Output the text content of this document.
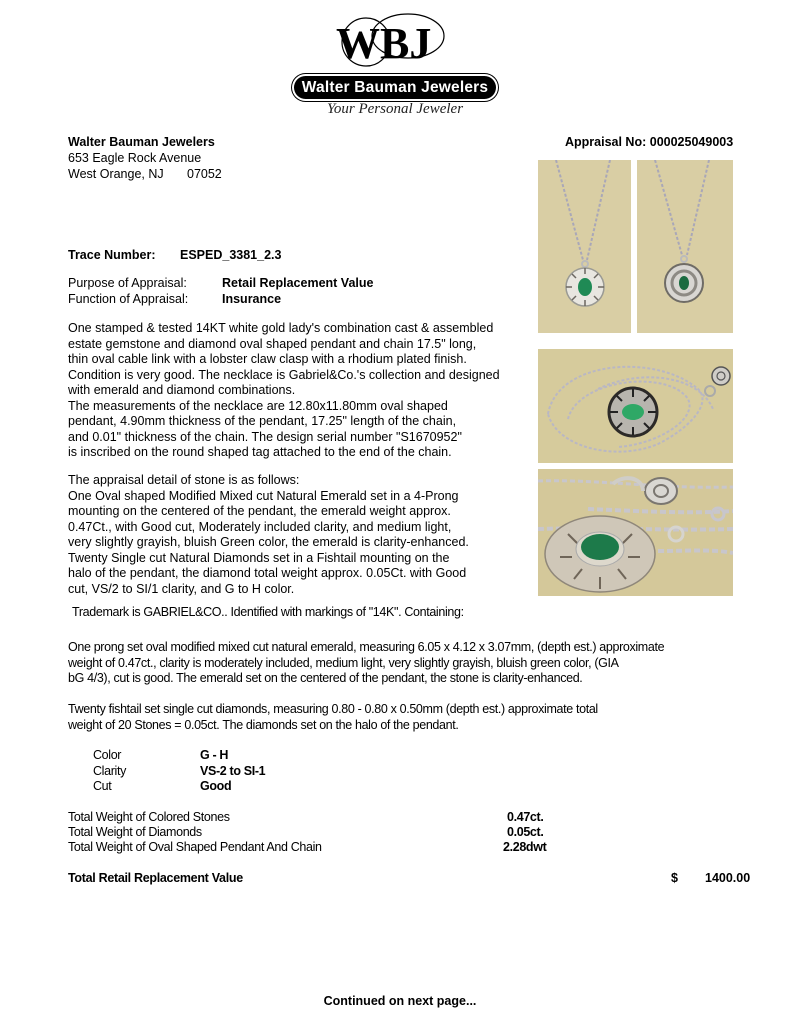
WBJ
Walter Bauman Jewelers
Your Personal Jeweler
Walter Bauman Jewelers
653 Eagle Rock Avenue
West Orange, NJ 07052
Appraisal No: 000025049003
Trace Number: ESPED_3381_2.3
Purpose of Appraisal:	Retail Replacement Value
Function of Appraisal:	Insurance
One stamped & tested 14KT white gold lady's combination cast & assembled
estate gemstone and diamond oval shaped pendant and chain 17.5" long,
thin oval cable link with a lobster claw clasp with a rhodium plated finish.
Condition is very good. The necklace is Gabriel&Co.'s collection and designed
with emerald and diamond combinations.
The measurements of the necklace are 12.80x11.80mm oval shaped
pendant, 4.90mm thickness of the pendant, 17.25" length of the chain,
and 0.01" thickness of the chain. The design serial number "S1670952"
is inscribed on the round shaped tag attached to the end of the chain.
The appraisal detail of stone is as follows:
One Oval shaped Modified Mixed cut Natural Emerald set in a 4-Prong
mounting on the centered of the pendant, the emerald weight approx.
0.47Ct., with Good cut, Moderately included clarity, and medium light,
very slightly grayish, bluish Green color, the emerald is clarity-enhanced.
Twenty Single cut Natural Diamonds set in a Fishtail mounting on the
halo of the pendant, the diamond total weight approx. 0.05Ct. with Good
cut, VS/2 to SI/1 clarity, and G to H color.
Trademark is GABRIEL&CO.. Identified with markings of "14K". Containing:
One prong set oval modified mixed cut natural emerald, measuring 6.05 x 4.12 x 3.07mm, (depth est.) approximate
weight of 0.47ct., clarity is moderately included, medium light, very slightly grayish, bluish green color, (GIA
bG 4/3), cut is good. The emerald set on the centered of the pendant, the stone is clarity-enhanced.
Twenty fishtail set single cut diamonds, measuring 0.80 - 0.80 x 0.50mm (depth est.) approximate total
weight of 20 Stones = 0.05ct. The diamonds set on the halo of the pendant.
Color	G - H
Clarity	VS-2 to SI-1
Cut	Good
Total Weight of Colored Stones	0.47ct.
Total Weight of Diamonds	0.05ct.
Total Weight of Oval Shaped Pendant And Chain	2.28dwt
Total Retail Replacement Value	$ 1400.00
Continued on next page...
